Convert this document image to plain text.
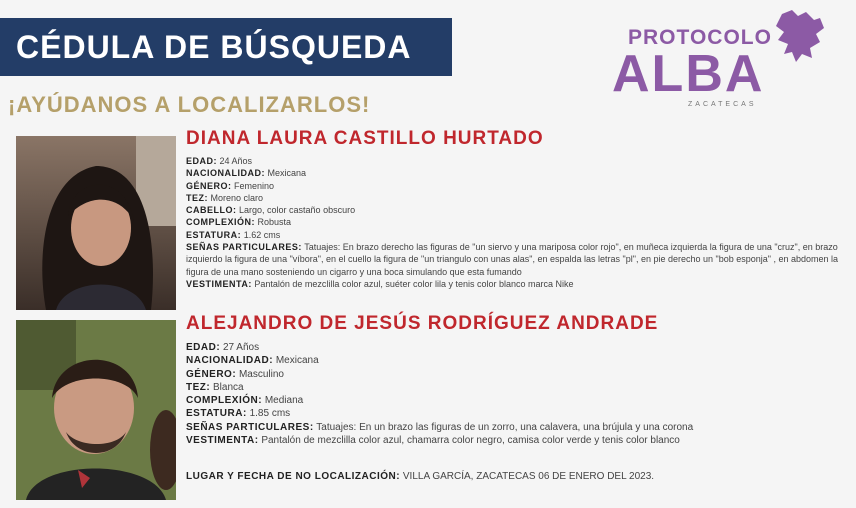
CÉDULA DE BÚSQUEDA
¡AYÚDANOS A LOCALIZARLOS!
PROTOCOLO
ALBA
ZACATECAS
DIANA LAURA CASTILLO HURTADO
EDAD: 24 Años
NACIONALIDAD: Mexicana
GÉNERO: Femenino
TEZ: Moreno claro
CABELLO: Largo, color castaño obscuro
COMPLEXIÓN: Robusta
ESTATURA: 1.62 cms
SEÑAS PARTICULARES: Tatuajes: En brazo derecho las figuras de "un siervo y una mariposa color rojo", en muñeca izquierda la figura de una "cruz", en brazo izquierdo la figura de una "víbora", en el cuello la figura de "un triangulo con unas alas", en espalda las letras "pl", en pie derecho un "bob esponja" , en abdomen la figura de una mano sosteniendo un cigarro y una boca simulando que esta fumando
VESTIMENTA: Pantalón de mezclilla color azul, suéter color lila y tenis color blanco marca Nike
ALEJANDRO DE JESÚS RODRÍGUEZ ANDRADE
EDAD: 27 Años
NACIONALIDAD: Mexicana
GÉNERO: Masculino
TEZ: Blanca
COMPLEXIÓN: Mediana
ESTATURA: 1.85 cms
SEÑAS PARTICULARES: Tatuajes: En un brazo las figuras de un zorro, una calavera, una brújula y una corona
VESTIMENTA: Pantalón de mezclilla color azul, chamarra color negro, camisa color verde y tenis color blanco
LUGAR Y FECHA DE NO LOCALIZACIÓN: VILLA GARCÍA, ZACATECAS 06 DE ENERO DEL 2023.
